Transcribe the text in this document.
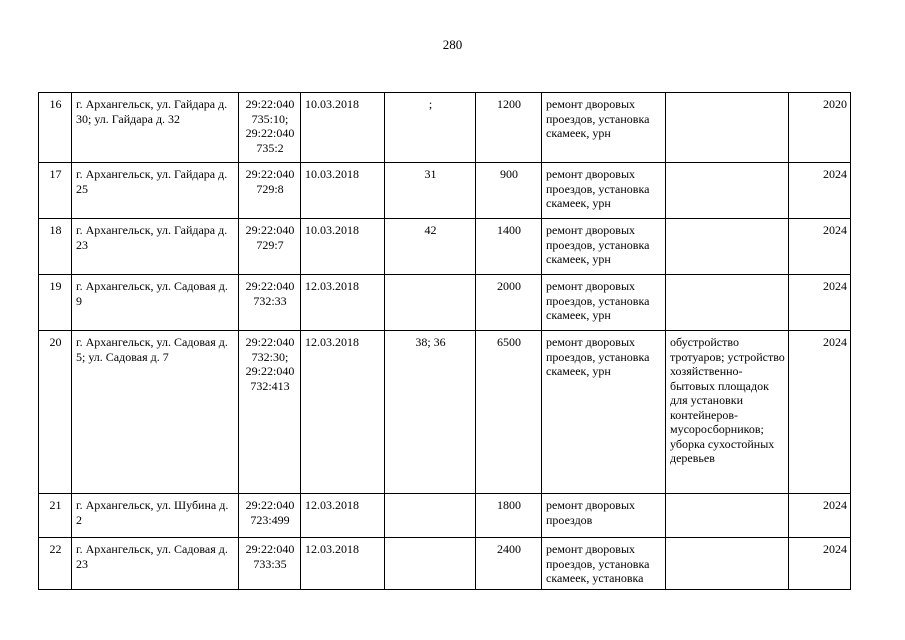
280
16	г. Архангельск, ул. Гайдара д. 30; ул. Гайдара д. 32	29:22:040
735:10;
29:22:040
735:2	10.03.2018	;	1200	ремонт дворовых проездов, установка скамеек, урн		2020
17	г. Архангельск, ул. Гайдара д. 25	29:22:040
729:8	10.03.2018	31	900	ремонт дворовых проездов, установка скамеек, урн		2024
18	г. Архангельск, ул. Гайдара д. 23	29:22:040
729:7	10.03.2018	42	1400	ремонт дворовых проездов, установка скамеек, урн		2024
19	г. Архангельск, ул. Садовая д. 9	29:22:040
732:33	12.03.2018		2000	ремонт дворовых проездов, установка скамеек, урн		2024
20	г. Архангельск, ул. Садовая д. 5; ул. Садовая д. 7	29:22:040
732:30;
29:22:040
732:413	12.03.2018	38; 36	6500	ремонт дворовых проездов, установка скамеек, урн	обустройство тротуаров; устройство хозяйственно-бытовых площадок для установки контейнеров-мусоросборников; уборка сухостойных деревьев	2024
21	г. Архангельск, ул. Шубина д. 2	29:22:040
723:499	12.03.2018		1800	ремонт дворовых проездов		2024
22	г. Архангельск, ул. Садовая д. 23	29:22:040
733:35	12.03.2018		2400	ремонт дворовых проездов, установка скамеек, установка		2024
